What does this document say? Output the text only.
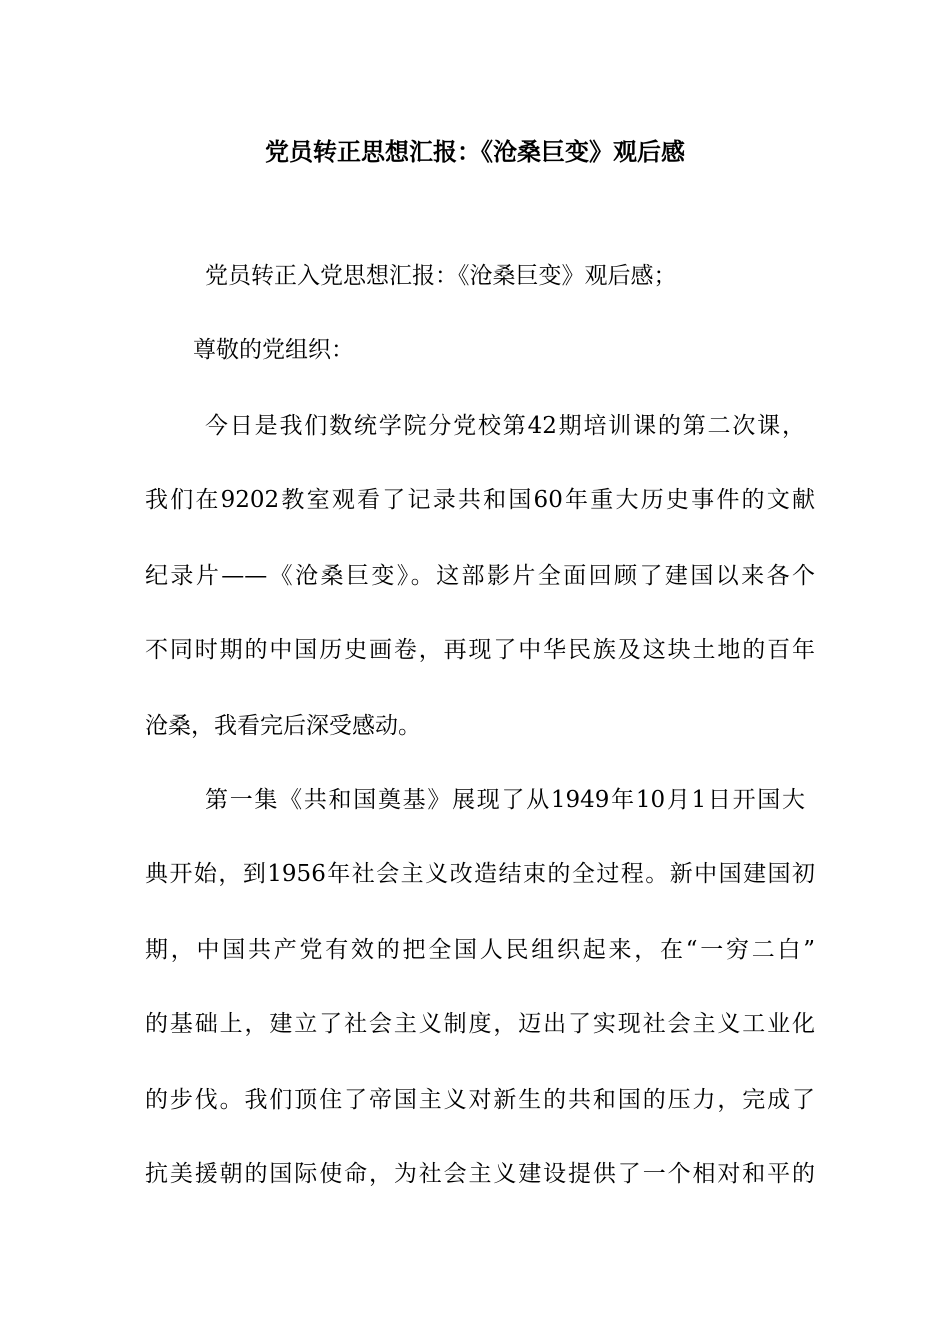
党员转正思想汇报：《沧桑巨变》观后感
党员转正入党思想汇报：《沧桑巨变》观后感；
尊敬的党组织：
今日是我们数统学院分党校第42期培训课的第二次课，
我们在9202教室观看了记录共和国60年重大历史事件的文献
纪录片——《沧桑巨变》。这部影片全面回顾了建国以来各个
不同时期的中国历史画卷，再现了中华民族及这块土地的百年
沧桑，我看完后深受感动。
第一集《共和国奠基》展现了从1949年10月1日开国大
典开始，到1956年社会主义改造结束的全过程。新中国建国初
期，中国共产党有效的把全国人民组织起来，在“一穷二白”
的基础上，建立了社会主义制度，迈出了实现社会主义工业化
的步伐。我们顶住了帝国主义对新生的共和国的压力，完成了
抗美援朝的国际使命，为社会主义建设提供了一个相对和平的
